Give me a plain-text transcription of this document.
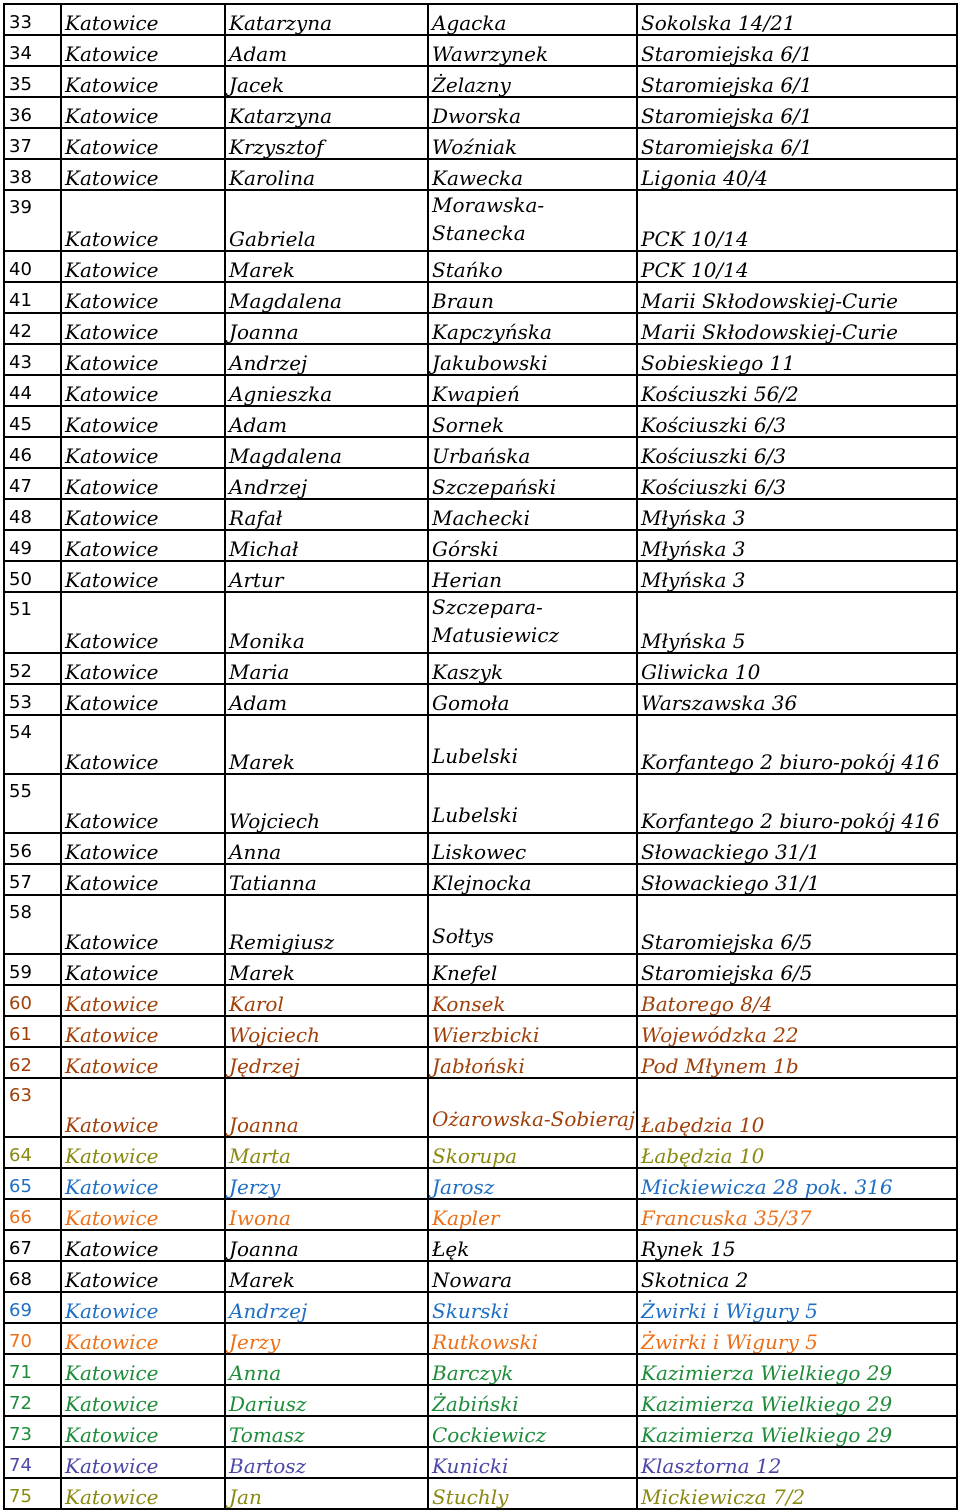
33	Katowice	Katarzyna	Agacka	Sokolska 14/21
34	Katowice	Adam	Wawrzynek	Staromiejska 6/1
35	Katowice	Jacek	Żelazny	Staromiejska 6/1
36	Katowice	Katarzyna	Dworska	Staromiejska 6/1
37	Katowice	Krzysztof	Woźniak	Staromiejska 6/1
38	Katowice	Karolina	Kawecka	Ligonia 40/4
39	Katowice	Gabriela	Morawska-Stanecka	PCK 10/14
40	Katowice	Marek	Stańko	PCK 10/14
41	Katowice	Magdalena	Braun	Marii Skłodowskiej-Curie
42	Katowice	Joanna	Kapczyńska	Marii Skłodowskiej-Curie
43	Katowice	Andrzej	Jakubowski	Sobieskiego 11
44	Katowice	Agnieszka	Kwapień	Kościuszki 56/2
45	Katowice	Adam	Sornek	Kościuszki 6/3
46	Katowice	Magdalena	Urbańska	Kościuszki 6/3
47	Katowice	Andrzej	Szczepański	Kościuszki 6/3
48	Katowice	Rafał	Machecki	Młyńska 3
49	Katowice	Michał	Górski	Młyńska 3
50	Katowice	Artur	Herian	Młyńska 3
51	Katowice	Monika	Szczepara-Matusiewicz	Młyńska 5
52	Katowice	Maria	Kaszyk	Gliwicka 10
53	Katowice	Adam	Gomoła	Warszawska 36
54	Katowice	Marek	Lubelski	Korfantego 2 biuro-pokój 416
55	Katowice	Wojciech	Lubelski	Korfantego 2 biuro-pokój 416
56	Katowice	Anna	Liskowec	Słowackiego 31/1
57	Katowice	Tatianna	Klejnocka	Słowackiego 31/1
58	Katowice	Remigiusz	Sołtys	Staromiejska 6/5
59	Katowice	Marek	Knefel	Staromiejska 6/5
60	Katowice	Karol	Konsek	Batorego 8/4
61	Katowice	Wojciech	Wierzbicki	Wojewódzka 22
62	Katowice	Jędrzej	Jabłoński	Pod Młynem 1b
63	Katowice	Joanna	Ożarowska-Sobieraj	Łabędzia 10
64	Katowice	Marta	Skorupa	Łabędzia 10
65	Katowice	Jerzy	Jarosz	Mickiewicza 28 pok. 316
66	Katowice	Iwona	Kapler	Francuska 35/37
67	Katowice	Joanna	Łęk	Rynek 15
68	Katowice	Marek	Nowara	Skotnica 2
69	Katowice	Andrzej	Skurski	Żwirki i Wigury 5
70	Katowice	Jerzy	Rutkowski	Żwirki i Wigury 5
71	Katowice	Anna	Barczyk	Kazimierza Wielkiego 29
72	Katowice	Dariusz	Żabiński	Kazimierza Wielkiego 29
73	Katowice	Tomasz	Cockiewicz	Kazimierza Wielkiego 29
74	Katowice	Bartosz	Kunicki	Klasztorna 12
75	Katowice	Jan	Stuchly	Mickiewicza 7/2
